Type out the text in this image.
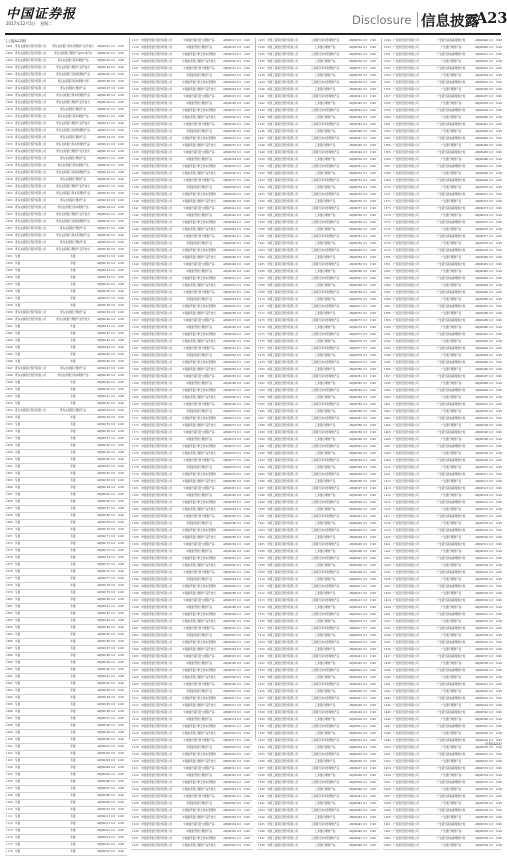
中国证券报
2017年12月5日 星期二	Disclosure 信息披露
A23
(上接A22版)
1001 青岛农商银行股份有限公司	青岛农商银行保本型理财产品开放式	ABJ00101 0.5	0.98
1002 青岛农商银行股份有限公司	青岛农商银行理财产品(FLI系列)	ABJ00102 0.5	0.98
1003 青岛农商银行股份有限公司	青岛农商银行保本理财产品	ABJ00103 0.5	0.98
1004 青岛农商银行股份有限公司	青岛农商银行理财产品开放式	ABJ00104 0.5	0.98
1005 青岛农商银行股份有限公司	青岛农商银行金海棠理财产品	ABJ00105 0.5	0.98
1006 青岛农商银行股份有限公司	青岛农商银行保本理财计划	ABJ00106 0.5	0.98
1007 青岛农商银行股份有限公司	青岛农商银行理财产品	ABJ00107 0.5	0.98
1008 青岛农商银行股份有限公司	青岛农商银行保本型理财产品	ABJ00108 0.5	0.98
1009 青岛农商银行股份有限公司	青岛农商银行理财产品开放式	ABJ00109 0.5	0.98
1010 青岛农商银行股份有限公司	青岛农商银行理财产品	ABJ00110 0.5	0.98
1011 青岛农商银行股份有限公司	青岛农商银行保本理财产品	ABJ00111 0.5	0.98
1012 青岛农商银行股份有限公司	青岛农商银行理财产品开放式	ABJ00112 0.5	0.98
1013 青岛农商银行股份有限公司	青岛农商银行金海棠理财产品	ABJ00113 0.5	0.98
1014 青岛农商银行股份有限公司	青岛农商银行理财产品	ABJ00114 0.5	0.98
1015 青岛农商银行股份有限公司	青岛农商银行保本型理财产品	ABJ00115 0.5	0.98
1016 青岛农商银行股份有限公司	青岛农商银行理财产品开放式	ABJ00116 0.5	0.98
1017 青岛农商银行股份有限公司	青岛农商银行理财产品	ABJ00117 0.5	0.98
1018 青岛农商银行股份有限公司	青岛农商银行保本理财产品	ABJ00118 0.5	0.98
1019 青岛农商银行股份有限公司	青岛农商银行金海棠理财产品	ABJ00119 0.5	0.98
1020 青岛农商银行股份有限公司	青岛农商银行理财产品	ABJ00120 0.5	0.98
1021 青岛农商银行股份有限公司	青岛农商银行理财产品开放式	ABJ00121 0.5	0.98
1022 青岛农商银行股份有限公司	青岛农商银行保本型理财产品	ABJ00122 0.5	0.98
1023 青岛农商银行股份有限公司	青岛农商银行理财产品	ABJ00123 0.5	0.98
1024 青岛农商银行股份有限公司	青岛农商银行保本理财产品	ABJ00124 0.5	0.98
1025 青岛农商银行股份有限公司	青岛农商银行理财产品开放式	ABJ00125 0.5	0.98
1026 青岛农商银行股份有限公司	青岛农商银行金海棠理财产品	ABJ00126 0.5	0.98
1027 青岛农商银行股份有限公司	青岛农商银行理财产品	ABJ00127 0.5	0.98
1028 青岛农商银行股份有限公司	青岛农商银行保本型理财产品	ABJ00128 0.5	0.98
1029 青岛农商银行股份有限公司	青岛农商银行理财产品	ABJ00129 0.5	0.98
1030 青岛农商银行股份有限公司	青岛农商银行理财产品开放式	ABJ00130 0.5	0.98
1031 华夏	华夏	ABJ00131 0.5	0.98
1032 华夏	华夏	ABJ00132 0.5	0.98
1033 华夏	华夏	ABJ00133 0.5	0.98
1034 华夏	华夏	ABJ00134 0.5	0.98
1035 华夏	华夏	ABJ00135 0.5	0.98
1036 华夏	华夏	ABJ00136 0.5	0.98
1037 华夏	华夏	ABJ00137 0.5	0.98
1038 华夏	华夏	ABJ00138 0.5	0.98
1039 青岛农商银行股份有限公司	青岛农商银行理财产品	ABJ00139 0.5	0.98
1040 青岛农商银行股份有限公司	青岛农商银行理财产品开放式	ABJ00140 0.5	0.98
1041 华夏	华夏	ABJ00141 0.5	0.98
1042 华夏	华夏	ABJ00142 0.5	0.98
1043 华夏	华夏	ABJ00143 0.5	0.98
1044 华夏	华夏	ABJ00144 0.5	0.98
1045 华夏	华夏	ABJ00145 0.5	0.98
1046 华夏	华夏	ABJ00146 0.5	0.98
1047 青岛农商银行股份有限公司	青岛农商银行理财产品	ABJ00147 0.5	0.98
1048 青岛农商银行股份有限公司	青岛农商银行保本理财产品	ABJ00148 0.5	0.98
1049 华夏	华夏	ABJ00149 0.5	0.98
1050 华夏	华夏	ABJ00150 0.5	0.98
1051 华夏	华夏	ABJ00151 0.5	0.98
1052 华夏	华夏	ABJ00152 0.5	0.98
1053 青岛农商银行股份有限公司	青岛农商银行理财产品	ABJ00153 0.5	0.98
1054 华夏	华夏	ABJ00154 0.5	0.98
1055 华夏	华夏	ABJ00155 0.5	0.98
1056 华夏	华夏	ABJ00156 0.5	0.98
1057 华夏	华夏	ABJ00157 0.5	0.98
1058 华夏	华夏	ABJ00158 0.5	0.98
1059 华夏	华夏	ABJ00159 0.5	0.98
1060 华夏	华夏	ABJ00160 0.5	0.98
1061 华夏	华夏	ABJ00161 0.5	0.98
1062 华夏	华夏	ABJ00162 0.5	0.98
1063 华夏	华夏	ABJ00163 0.5	0.98
1064 华夏	华夏	ABJ00164 0.5	0.98
1065 华夏	华夏	ABJ00165 0.5	0.98
1066 华夏	华夏	ABJ00166 0.5	0.98
1067 华夏	华夏	ABJ00167 0.5	0.98
1068 华夏	华夏	ABJ00168 0.5	0.98
1069 华夏	华夏	ABJ00169 0.5	0.98
1070 华夏	华夏	ABJ00170 0.5	0.98
1071 华夏	华夏	ABJ00171 0.5	0.98
1072 华夏	华夏	ABJ00172 0.5	0.98
1073 华夏	华夏	ABJ00173 0.5	0.98
1074 华夏	华夏	ABJ00174 0.5	0.98
1075 华夏	华夏	ABJ00175 0.5	0.98
1076 华夏	华夏	ABJ00176 0.5	0.98
1077 华夏	华夏	ABJ00177 0.5	0.98
1078 华夏	华夏	ABJ00178 0.5	0.98
1079 华夏	华夏	ABJ00179 0.5	0.98
1080 华夏	华夏	ABJ00180 0.5	0.98
1081 华夏	华夏	ABJ00181 0.5	0.98
1082 华夏	华夏	ABJ00182 0.5	0.98
1083 华夏	华夏	ABJ00183 0.5	0.98
1084 华夏	华夏	ABJ00184 0.5	0.98
1085 华夏	华夏	ABJ00185 0.5	0.98
1086 华夏	华夏	ABJ00186 0.5	0.98
1087 华夏	华夏	ABJ00187 0.5	0.98
1088 华夏	华夏	ABJ00188 0.5	0.98
1089 华夏	华夏	ABJ00189 0.5	0.98
1090 华夏	华夏	ABJ00190 0.5	0.98
1091 华夏	华夏	ABJ00191 0.5	0.98
1092 华夏	华夏	ABJ00192 0.5	0.98
1093 华夏	华夏	ABJ00193 0.5	0.98
1094 华夏	华夏	ABJ00194 0.5	0.98
1095 华夏	华夏	ABJ00195 0.5	0.98
1096 华夏	华夏	ABJ00196 0.5	0.98
1097 华夏	华夏	ABJ00197 0.5	0.98
1098 华夏	华夏	ABJ00198 0.5	0.98
1099 华夏	华夏	ABJ00199 0.5	0.98
1100 华夏	华夏	ABJ00200 0.5	0.98
1101 华夏	华夏	ABJ00201 0.5	0.98
1102 华夏	华夏	ABJ00202 0.5	0.98
1103 华夏	华夏	ABJ00203 0.5	0.98
1104 华夏	华夏	ABJ00204 0.5	0.98
1105 华夏	华夏	ABJ00205 0.5	0.98
1106 华夏	华夏	ABJ00206 0.5	0.98
1107 华夏	华夏	ABJ00207 0.5	0.98
1108 华夏	华夏	ABJ00208 0.5	0.98
1109 华夏	华夏	ABJ00209 0.5	0.98
1110 华夏	华夏	ABJ00210 0.5	0.98
1111 华夏	华夏	ABJ00211 0.5	0.98
1112 华夏	华夏	ABJ00212 0.5	0.98
1113 华夏	华夏	ABJ00213 0.5	0.98
1114 华夏	华夏	ABJ00214 0.5	0.98
1115 华夏	华夏	ABJ00215 0.5	0.98
1116 华夏	华夏	ABJ00216 0.5	0.98
1117 中国建设银行股份有限公司	中国建设银行乾元理财产品	ABJ00217 0.5	0.98
1118 中国建设银行股份有限公司	中国建设银行理财产品	ABJ00218 0.5	0.98
1119 中国建设银行股份有限公司	中国建设银行乾元保本型理财	ABJ00219 0.5	0.98
1120 中国建设银行股份有限公司	中国建设银行理财产品开放式	ABJ00220 0.5	0.98
1121 中国建设银行股份有限公司	中国建设银行乾元理财产品	ABJ00221 0.5	0.98
1122 中国建设银行股份有限公司	中国建设银行理财产品	ABJ00222 0.5	0.98
1123 中国建设银行股份有限公司	中国建设银行乾元保本型理财	ABJ00223 0.5	0.98
1124 中国建设银行股份有限公司	中国建设银行理财产品开放式	ABJ00224 0.5	0.98
1125 中国建设银行股份有限公司	中国建设银行乾元理财产品	ABJ00225 0.5	0.98
1126 中国建设银行股份有限公司	中国建设银行理财产品	ABJ00226 0.5	0.98
1127 中国建设银行股份有限公司	中国建设银行乾元保本型理财	ABJ00227 0.5	0.98
1128 中国建设银行股份有限公司	中国建设银行理财产品开放式	ABJ00228 0.5	0.98
1129 中国建设银行股份有限公司	中国建设银行乾元理财产品	ABJ00229 0.5	0.98
1130 中国建设银行股份有限公司	中国建设银行理财产品	ABJ00230 0.5	0.98
1131 中国建设银行股份有限公司	中国建设银行乾元保本型理财	ABJ00231 0.5	0.98
1132 中国建设银行股份有限公司	中国建设银行理财产品开放式	ABJ00232 0.5	0.98
1133 中国建设银行股份有限公司	中国建设银行乾元理财产品	ABJ00233 0.5	0.98
1134 中国建设银行股份有限公司	中国建设银行理财产品	ABJ00234 0.5	0.98
1135 中国建设银行股份有限公司	中国建设银行乾元保本型理财	ABJ00235 0.5	0.98
1136 中国建设银行股份有限公司	中国建设银行理财产品开放式	ABJ00236 0.5	0.98
1137 中国建设银行股份有限公司	中国建设银行乾元理财产品	ABJ00237 0.5	0.98
1138 中国建设银行股份有限公司	中国建设银行理财产品	ABJ00238 0.5	0.98
1139 中国建设银行股份有限公司	中国建设银行乾元保本型理财	ABJ00239 0.5	0.98
1140 中国建设银行股份有限公司	中国建设银行理财产品开放式	ABJ00240 0.5	0.98
1141 中国建设银行股份有限公司	中国建设银行乾元理财产品	ABJ00241 0.5	0.98
1142 中国建设银行股份有限公司	中国建设银行理财产品	ABJ00242 0.5	0.98
1143 中国建设银行股份有限公司	中国建设银行乾元保本型理财	ABJ00243 0.5	0.98
1144 中国建设银行股份有限公司	中国建设银行理财产品开放式	ABJ00244 0.5	0.98
1145 中国建设银行股份有限公司	中国建设银行乾元理财产品	ABJ00245 0.5	0.98
1146 中国建设银行股份有限公司	中国建设银行理财产品	ABJ00246 0.5	0.98
1147 中国建设银行股份有限公司	中国建设银行乾元保本型理财	ABJ00247 0.5	0.98
1148 中国建设银行股份有限公司	中国建设银行理财产品开放式	ABJ00248 0.5	0.98
1149 中国建设银行股份有限公司	中国建设银行乾元理财产品	ABJ00249 0.5	0.98
1150 中国建设银行股份有限公司	中国建设银行理财产品	ABJ00250 0.5	0.98
1151 中国建设银行股份有限公司	中国建设银行乾元保本型理财	ABJ00251 0.5	0.98
1152 中国建设银行股份有限公司	中国建设银行理财产品开放式	ABJ00252 0.5	0.98
1153 中国建设银行股份有限公司	中国建设银行乾元理财产品	ABJ00253 0.5	0.98
1154 中国建设银行股份有限公司	中国建设银行理财产品	ABJ00254 0.5	0.98
1155 中国建设银行股份有限公司	中国建设银行乾元保本型理财	ABJ00255 0.5	0.98
1156 中国建设银行股份有限公司	中国建设银行理财产品开放式	ABJ00256 0.5	0.98
1157 中国建设银行股份有限公司	中国建设银行乾元理财产品	ABJ00257 0.5	0.98
1158 中国建设银行股份有限公司	中国建设银行理财产品	ABJ00258 0.5	0.98
1159 中国建设银行股份有限公司	中国建设银行乾元保本型理财	ABJ00259 0.5	0.98
1160 中国建设银行股份有限公司	中国建设银行理财产品开放式	ABJ00260 0.5	0.98
1161 中国建设银行股份有限公司	中国建设银行乾元理财产品	ABJ00261 0.5	0.98
1162 中国建设银行股份有限公司	中国建设银行理财产品	ABJ00262 0.5	0.98
1163 中国建设银行股份有限公司	中国建设银行乾元保本型理财	ABJ00263 0.5	0.98
1164 中国建设银行股份有限公司	中国建设银行理财产品开放式	ABJ00264 0.5	0.98
1165 中国建设银行股份有限公司	中国建设银行乾元理财产品	ABJ00265 0.5	0.98
1166 中国建设银行股份有限公司	中国建设银行理财产品	ABJ00266 0.5	0.98
1167 中国建设银行股份有限公司	中国建设银行乾元保本型理财	ABJ00267 0.5	0.98
1168 中国建设银行股份有限公司	中国建设银行理财产品开放式	ABJ00268 0.5	0.98
1169 中国建设银行股份有限公司	中国建设银行乾元理财产品	ABJ00269 0.5	0.98
1170 中国建设银行股份有限公司	中国建设银行理财产品	ABJ00270 0.5	0.98
1171 中国建设银行股份有限公司	中国建设银行乾元保本型理财	ABJ00271 0.5	0.98
1172 中国建设银行股份有限公司	中国建设银行理财产品开放式	ABJ00272 0.5	0.98
1173 中国建设银行股份有限公司	中国建设银行乾元理财产品	ABJ00273 0.5	0.98
1174 中国建设银行股份有限公司	中国建设银行理财产品	ABJ00274 0.5	0.98
1175 中国建设银行股份有限公司	中国建设银行乾元保本型理财	ABJ00275 0.5	0.98
1176 中国建设银行股份有限公司	中国建设银行理财产品开放式	ABJ00276 0.5	0.98
1177 中国建设银行股份有限公司	中国建设银行乾元理财产品	ABJ00277 0.5	0.98
1178 中国建设银行股份有限公司	中国建设银行理财产品	ABJ00278 0.5	0.98
1179 中国建设银行股份有限公司	中国建设银行乾元保本型理财	ABJ00279 0.5	0.98
1180 中国建设银行股份有限公司	中国建设银行理财产品开放式	ABJ00280 0.5	0.98
1181 中国建设银行股份有限公司	中国建设银行乾元理财产品	ABJ00281 0.5	0.98
1182 中国建设银行股份有限公司	中国建设银行理财产品	ABJ00282 0.5	0.98
1183 中国建设银行股份有限公司	中国建设银行乾元保本型理财	ABJ00283 0.5	0.98
1184 中国建设银行股份有限公司	中国建设银行理财产品开放式	ABJ00284 0.5	0.98
1185 中国建设银行股份有限公司	中国建设银行乾元理财产品	ABJ00285 0.5	0.98
1186 中国建设银行股份有限公司	中国建设银行理财产品	ABJ00286 0.5	0.98
1187 中国建设银行股份有限公司	中国建设银行乾元保本型理财	ABJ00287 0.5	0.98
1188 中国建设银行股份有限公司	中国建设银行理财产品开放式	ABJ00288 0.5	0.98
1189 中国建设银行股份有限公司	中国建设银行乾元理财产品	ABJ00289 0.5	0.98
1190 中国建设银行股份有限公司	中国建设银行理财产品	ABJ00290 0.5	0.98
1191 中国建设银行股份有限公司	中国建设银行乾元保本型理财	ABJ00291 0.5	0.98
1192 中国建设银行股份有限公司	中国建设银行理财产品开放式	ABJ00292 0.5	0.98
1193 中国建设银行股份有限公司	中国建设银行乾元理财产品	ABJ00293 0.5	0.98
1194 中国建设银行股份有限公司	中国建设银行理财产品	ABJ00294 0.5	0.98
1195 中国建设银行股份有限公司	中国建设银行乾元保本型理财	ABJ00295 0.5	0.98
1196 中国建设银行股份有限公司	中国建设银行理财产品开放式	ABJ00296 0.5	0.98
1197 中国建设银行股份有限公司	中国建设银行乾元理财产品	ABJ00297 0.5	0.98
1198 中国建设银行股份有限公司	中国建设银行理财产品	ABJ00298 0.5	0.98
1199 中国建设银行股份有限公司	中国建设银行乾元保本型理财	ABJ00299 0.5	0.98
1200 中国建设银行股份有限公司	中国建设银行理财产品开放式	ABJ00300 0.5	0.98
1201 中国建设银行股份有限公司	中国建设银行乾元理财产品	ABJ00301 0.5	0.98
1202 中国建设银行股份有限公司	中国建设银行理财产品	ABJ00302 0.5	0.98
1203 中国建设银行股份有限公司	中国建设银行乾元保本型理财	ABJ00303 0.5	0.98
1204 中国建设银行股份有限公司	中国建设银行理财产品开放式	ABJ00304 0.5	0.98
1205 中国建设银行股份有限公司	中国建设银行乾元理财产品	ABJ00305 0.5	0.98
1206 中国建设银行股份有限公司	中国建设银行理财产品	ABJ00306 0.5	0.98
1207 中国建设银行股份有限公司	中国建设银行乾元保本型理财	ABJ00307 0.5	0.98
1208 中国建设银行股份有限公司	中国建设银行理财产品开放式	ABJ00308 0.5	0.98
1209 中国建设银行股份有限公司	中国建设银行乾元理财产品	ABJ00309 0.5	0.98
1210 中国建设银行股份有限公司	中国建设银行理财产品	ABJ00310 0.5	0.98
1211 中国建设银行股份有限公司	中国建设银行乾元保本型理财	ABJ00311 0.5	0.98
1212 中国建设银行股份有限公司	中国建设银行理财产品开放式	ABJ00312 0.5	0.98
1213 中国建设银行股份有限公司	中国建设银行乾元理财产品	ABJ00313 0.5	0.98
1214 中国建设银行股份有限公司	中国建设银行理财产品	ABJ00314 0.5	0.98
1215 中国建设银行股份有限公司	中国建设银行乾元保本型理财	ABJ00315 0.5	0.98
1216 中国建设银行股份有限公司	中国建设银行理财产品开放式	ABJ00316 0.5	0.98
1217 中国建设银行股份有限公司	中国建设银行乾元理财产品	ABJ00317 0.5	0.98
1218 中国建设银行股份有限公司	中国建设银行理财产品	ABJ00318 0.5	0.98
1219 中国建设银行股份有限公司	中国建设银行乾元保本型理财	ABJ00319 0.5	0.98
1220 中国建设银行股份有限公司	中国建设银行理财产品开放式	ABJ00320 0.5	0.98
1221 中国建设银行股份有限公司	中国建设银行乾元理财产品	ABJ00321 0.5	0.98
1222 中国建设银行股份有限公司	中国建设银行理财产品	ABJ00322 0.5	0.98
1223 中国建设银行股份有限公司	中国建设银行乾元保本型理财	ABJ00323 0.5	0.98
1224 中国建设银行股份有限公司	中国建设银行理财产品开放式	ABJ00324 0.5	0.98
1225 中国建设银行股份有限公司	中国建设银行乾元理财产品	ABJ00325 0.5	0.98
1226 中国建设银行股份有限公司	中国建设银行理财产品	ABJ00326 0.5	0.98
1227 中国建设银行股份有限公司	中国建设银行乾元保本型理财	ABJ00327 0.5	0.98
1228 中国建设银行股份有限公司	中国建设银行理财产品开放式	ABJ00328 0.5	0.98
1229 中国建设银行股份有限公司	中国建设银行乾元理财产品	ABJ00329 0.5	0.98
1230 中国建设银行股份有限公司	中国建设银行理财产品	ABJ00330 0.5	0.98
1231 中国建设银行股份有限公司	中国建设银行乾元保本型理财	ABJ00331 0.5	0.98
1232 中国建设银行股份有限公司	中国建设银行理财产品开放式	ABJ00332 0.5	0.98
1233 中国工商银行股份有限公司	工商银行保本型理财产品	ABJ00333 0.5	0.98
1234 中国工商银行股份有限公司	工商银行理财产品	ABJ00334 0.5	0.98
1235 中国工商银行股份有限公司	工商银行保本型理财产品	ABJ00335 0.5	0.98
1236 中国工商银行股份有限公司	工商银行理财产品	ABJ00336 0.5	0.98
1237 中国工商银行股份有限公司	工商银行保本型理财产品	ABJ00337 0.5	0.98
1238 中国工商银行股份有限公司	工商银行理财产品	ABJ00338 0.5	0.98
1239 中国工商银行股份有限公司	工商银行保本型理财产品	ABJ00339 0.5	0.98
1240 中国工商银行股份有限公司	工商银行理财产品	ABJ00340 0.5	0.98
1241 中国工商银行股份有限公司	工商银行保本型理财产品	ABJ00341 0.5	0.98
1242 中国工商银行股份有限公司	工商银行理财产品	ABJ00342 0.5	0.98
1243 中国工商银行股份有限公司	工商银行保本型理财产品	ABJ00343 0.5	0.98
1244 中国工商银行股份有限公司	工商银行理财产品	ABJ00344 0.5	0.98
1245 中国工商银行股份有限公司	工商银行保本型理财产品	ABJ00345 0.5	0.98
1246 中国工商银行股份有限公司	工商银行理财产品	ABJ00346 0.5	0.98
1247 中国工商银行股份有限公司	工商银行保本型理财产品	ABJ00347 0.5	0.98
1248 中国工商银行股份有限公司	工商银行理财产品	ABJ00348 0.5	0.98
1249 中国工商银行股份有限公司	工商银行保本型理财产品	ABJ00349 0.5	0.98
1250 中国工商银行股份有限公司	工商银行理财产品	ABJ00350 0.5	0.98
1251 中国工商银行股份有限公司	工商银行保本型理财产品	ABJ00351 0.5	0.98
1252 中国工商银行股份有限公司	工商银行理财产品	ABJ00352 0.5	0.98
1253 中国工商银行股份有限公司	工商银行保本型理财产品	ABJ00353 0.5	0.98
1254 中国工商银行股份有限公司	工商银行理财产品	ABJ00354 0.5	0.98
1255 中国工商银行股份有限公司	工商银行保本型理财产品	ABJ00355 0.5	0.98
1256 中国工商银行股份有限公司	工商银行理财产品	ABJ00356 0.5	0.98
1257 中国工商银行股份有限公司	工商银行保本型理财产品	ABJ00357 0.5	0.98
1258 中国工商银行股份有限公司	工商银行理财产品	ABJ00358 0.5	0.98
1259 中国工商银行股份有限公司	工商银行保本型理财产品	ABJ00359 0.5	0.98
1260 中国工商银行股份有限公司	工商银行理财产品	ABJ00360 0.5	0.98
1261 中国工商银行股份有限公司	工商银行保本型理财产品	ABJ00361 0.5	0.98
1262 中国工商银行股份有限公司	工商银行理财产品	ABJ00362 0.5	0.98
1263 中国工商银行股份有限公司	工商银行保本型理财产品	ABJ00363 0.5	0.98
1264 中国工商银行股份有限公司	工商银行理财产品	ABJ00364 0.5	0.98
1265 中国工商银行股份有限公司	工商银行保本型理财产品	ABJ00365 0.5	0.98
1266 中国工商银行股份有限公司	工商银行理财产品	ABJ00366 0.5	0.98
1267 中国工商银行股份有限公司	工商银行保本型理财产品	ABJ00367 0.5	0.98
1268 中国工商银行股份有限公司	工商银行理财产品	ABJ00368 0.5	0.98
1269 中国工商银行股份有限公司	工商银行保本型理财产品	ABJ00369 0.5	0.98
1270 中国工商银行股份有限公司	工商银行理财产品	ABJ00370 0.5	0.98
1271 中国工商银行股份有限公司	工商银行保本型理财产品	ABJ00371 0.5	0.98
1272 中国工商银行股份有限公司	工商银行理财产品	ABJ00372 0.5	0.98
1273 中国工商银行股份有限公司	工商银行保本型理财产品	ABJ00373 0.5	0.98
1274 中国工商银行股份有限公司	工商银行理财产品	ABJ00374 0.5	0.98
1275 中国工商银行股份有限公司	工商银行保本型理财产品	ABJ00375 0.5	0.98
1276 中国工商银行股份有限公司	工商银行理财产品	ABJ00376 0.5	0.98
1277 中国工商银行股份有限公司	工商银行保本型理财产品	ABJ00377 0.5	0.98
1278 中国工商银行股份有限公司	工商银行理财产品	ABJ00378 0.5	0.98
1279 中国工商银行股份有限公司	工商银行保本型理财产品	ABJ00379 0.5	0.98
1280 中国工商银行股份有限公司	工商银行理财产品	ABJ00380 0.5	0.98
1281 中国工商银行股份有限公司	工商银行保本型理财产品	ABJ00381 0.5	0.98
1282 中国工商银行股份有限公司	工商银行理财产品	ABJ00382 0.5	0.98
1283 中国工商银行股份有限公司	工商银行保本型理财产品	ABJ00383 0.5	0.98
1284 中国工商银行股份有限公司	工商银行理财产品	ABJ00384 0.5	0.98
1285 中国工商银行股份有限公司	工商银行保本型理财产品	ABJ00385 0.5	0.98
1286 中国工商银行股份有限公司	工商银行理财产品	ABJ00386 0.5	0.98
1287 中国工商银行股份有限公司	工商银行保本型理财产品	ABJ00387 0.5	0.98
1288 中国工商银行股份有限公司	工商银行理财产品	ABJ00388 0.5	0.98
1289 中国工商银行股份有限公司	工商银行保本型理财产品	ABJ00389 0.5	0.98
1290 中国工商银行股份有限公司	工商银行理财产品	ABJ00390 0.5	0.98
1291 中国工商银行股份有限公司	工商银行保本型理财产品	ABJ00391 0.5	0.98
1292 中国工商银行股份有限公司	工商银行理财产品	ABJ00392 0.5	0.98
1293 中国工商银行股份有限公司	工商银行保本型理财产品	ABJ00393 0.5	0.98
1294 中国工商银行股份有限公司	工商银行理财产品	ABJ00394 0.5	0.98
1295 中国工商银行股份有限公司	工商银行保本型理财产品	ABJ00395 0.5	0.98
1296 中国工商银行股份有限公司	工商银行理财产品	ABJ00396 0.5	0.98
1297 中国工商银行股份有限公司	工商银行保本型理财产品	ABJ00397 0.5	0.98
1298 中国工商银行股份有限公司	工商银行理财产品	ABJ00398 0.5	0.98
1299 中国工商银行股份有限公司	工商银行保本型理财产品	ABJ00399 0.5	0.98
1300 中国工商银行股份有限公司	工商银行理财产品	ABJ00400 0.5	0.98
1301 中国工商银行股份有限公司	工商银行保本型理财产品	ABJ00401 0.5	0.98
1302 中国工商银行股份有限公司	工商银行理财产品	ABJ00402 0.5	0.98
1303 中国工商银行股份有限公司	工商银行保本型理财产品	ABJ00403 0.5	0.98
1304 中国工商银行股份有限公司	工商银行理财产品	ABJ00404 0.5	0.98
1305 中国工商银行股份有限公司	工商银行保本型理财产品	ABJ00405 0.5	0.98
1306 中国工商银行股份有限公司	工商银行理财产品	ABJ00406 0.5	0.98
1307 中国工商银行股份有限公司	工商银行保本型理财产品	ABJ00407 0.5	0.98
1308 中国工商银行股份有限公司	工商银行理财产品	ABJ00408 0.5	0.98
1309 中国工商银行股份有限公司	工商银行保本型理财产品	ABJ00409 0.5	0.98
1310 中国工商银行股份有限公司	工商银行理财产品	ABJ00410 0.5	0.98
1311 中国工商银行股份有限公司	工商银行保本型理财产品	ABJ00411 0.5	0.98
1312 中国工商银行股份有限公司	工商银行理财产品	ABJ00412 0.5	0.98
1313 中国工商银行股份有限公司	工商银行保本型理财产品	ABJ00413 0.5	0.98
1314 中国工商银行股份有限公司	工商银行理财产品	ABJ00414 0.5	0.98
1315 中国工商银行股份有限公司	工商银行保本型理财产品	ABJ00415 0.5	0.98
1316 中国工商银行股份有限公司	工商银行理财产品	ABJ00416 0.5	0.98
1317 中国工商银行股份有限公司	工商银行保本型理财产品	ABJ00417 0.5	0.98
1318 中国工商银行股份有限公司	工商银行理财产品	ABJ00418 0.5	0.98
1319 中国工商银行股份有限公司	工商银行保本型理财产品	ABJ00419 0.5	0.98
1320 中国工商银行股份有限公司	工商银行理财产品	ABJ00420 0.5	0.98
1321 中国工商银行股份有限公司	工商银行保本型理财产品	ABJ00421 0.5	0.98
1322 中国工商银行股份有限公司	工商银行理财产品	ABJ00422 0.5	0.98
1323 中国工商银行股份有限公司	工商银行保本型理财产品	ABJ00423 0.5	0.98
1324 中国工商银行股份有限公司	工商银行理财产品	ABJ00424 0.5	0.98
1325 中国工商银行股份有限公司	工商银行保本型理财产品	ABJ00425 0.5	0.98
1326 中国工商银行股份有限公司	工商银行理财产品	ABJ00426 0.5	0.98
1327 中国工商银行股份有限公司	工商银行保本型理财产品	ABJ00427 0.5	0.98
1328 中国工商银行股份有限公司	工商银行理财产品	ABJ00428 0.5	0.98
1329 中国工商银行股份有限公司	工商银行保本型理财产品	ABJ00429 0.5	0.98
1330 中国工商银行股份有限公司	工商银行理财产品	ABJ00430 0.5	0.98
1331 中国工商银行股份有限公司	工商银行保本型理财产品	ABJ00431 0.5	0.98
1332 中国工商银行股份有限公司	工商银行理财产品	ABJ00432 0.5	0.98
1333 中国工商银行股份有限公司	工商银行保本型理财产品	ABJ00433 0.5	0.98
1334 中国工商银行股份有限公司	工商银行理财产品	ABJ00434 0.5	0.98
1335 中国工商银行股份有限公司	工商银行保本型理财产品	ABJ00435 0.5	0.98
1336 中国工商银行股份有限公司	工商银行理财产品	ABJ00436 0.5	0.98
1337 中国工商银行股份有限公司	工商银行保本型理财产品	ABJ00437 0.5	0.98
1338 中国工商银行股份有限公司	工商银行理财产品	ABJ00438 0.5	0.98
1339 中国工商银行股份有限公司	工商银行保本型理财产品	ABJ00439 0.5	0.98
1340 中国工商银行股份有限公司	工商银行理财产品	ABJ00440 0.5	0.98
1341 中国工商银行股份有限公司	工商银行保本型理财产品	ABJ00441 0.5	0.98
1342 中国工商银行股份有限公司	工商银行理财产品	ABJ00442 0.5	0.98
1343 中国工商银行股份有限公司	工商银行保本型理财产品	ABJ00443 0.5	0.98
1344 中国工商银行股份有限公司	工商银行理财产品	ABJ00444 0.5	0.98
1345 中国工商银行股份有限公司	工商银行保本型理财产品	ABJ00445 0.5	0.98
1346 中国工商银行股份有限公司	工商银行理财产品	ABJ00446 0.5	0.98
1347 中国工商银行股份有限公司	工商银行保本型理财产品	ABJ00447 0.5	0.98
1348 中国工商银行股份有限公司	工商银行理财产品	ABJ00448 0.5	0.98
1349 广发银行股份有限公司	广发银行薪加薪理财计划	ABJ00449 0.5	0.98
1350 广发银行股份有限公司	广发银行理财产品	ABJ00450 0.5	0.98
1351 广发银行股份有限公司	广发银行薪加薪理财计划	ABJ00451 0.5	0.98
1352 广发银行股份有限公司	广发银行理财产品	ABJ00452 0.5	0.98
1353 广发银行股份有限公司	广发银行薪加薪理财计划	ABJ00453 0.5	0.98
1354 广发银行股份有限公司	广发银行理财产品	ABJ00454 0.5	0.98
1355 广发银行股份有限公司	广发银行薪加薪理财计划	ABJ00455 0.5	0.98
1356 广发银行股份有限公司	广发银行理财产品	ABJ00456 0.5	0.98
1357 广发银行股份有限公司	广发银行薪加薪理财计划	ABJ00457 0.5	0.98
1358 广发银行股份有限公司	广发银行理财产品	ABJ00458 0.5	0.98
1359 广发银行股份有限公司	广发银行薪加薪理财计划	ABJ00459 0.5	0.98
1360 广发银行股份有限公司	广发银行理财产品	ABJ00460 0.5	0.98
1361 广发银行股份有限公司	广发银行薪加薪理财计划	ABJ00461 0.5	0.98
1362 广发银行股份有限公司	广发银行理财产品	ABJ00462 0.5	0.98
1363 广发银行股份有限公司	广发银行薪加薪理财计划	ABJ00463 0.5	0.98
1364 广发银行股份有限公司	广发银行理财产品	ABJ00464 0.5	0.98
1365 广发银行股份有限公司	广发银行薪加薪理财计划	ABJ00465 0.5	0.98
1366 广发银行股份有限公司	广发银行理财产品	ABJ00466 0.5	0.98
1367 广发银行股份有限公司	广发银行薪加薪理财计划	ABJ00467 0.5	0.98
1368 广发银行股份有限公司	广发银行理财产品	ABJ00468 0.5	0.98
1369 广发银行股份有限公司	广发银行薪加薪理财计划	ABJ00469 0.5	0.98
1370 广发银行股份有限公司	广发银行理财产品	ABJ00470 0.5	0.98
1371 广发银行股份有限公司	广发银行薪加薪理财计划	ABJ00471 0.5	0.98
1372 广发银行股份有限公司	广发银行理财产品	ABJ00472 0.5	0.98
1373 广发银行股份有限公司	广发银行薪加薪理财计划	ABJ00473 0.5	0.98
1374 广发银行股份有限公司	广发银行理财产品	ABJ00474 0.5	0.98
1375 广发银行股份有限公司	广发银行薪加薪理财计划	ABJ00475 0.5	0.98
1376 广发银行股份有限公司	广发银行理财产品	ABJ00476 0.5	0.98
1377 广发银行股份有限公司	广发银行薪加薪理财计划	ABJ00477 0.5	0.98
1378 广发银行股份有限公司	广发银行理财产品	ABJ00478 0.5	0.98
1379 广发银行股份有限公司	广发银行薪加薪理财计划	ABJ00479 0.5	0.98
1380 广发银行股份有限公司	广发银行理财产品	ABJ00480 0.5	0.98
1381 广发银行股份有限公司	广发银行薪加薪理财计划	ABJ00481 0.5	0.98
1382 广发银行股份有限公司	广发银行理财产品	ABJ00482 0.5	0.98
1383 广发银行股份有限公司	广发银行薪加薪理财计划	ABJ00483 0.5	0.98
1384 广发银行股份有限公司	广发银行理财产品	ABJ00484 0.5	0.98
1385 广发银行股份有限公司	广发银行薪加薪理财计划	ABJ00485 0.5	0.98
1386 广发银行股份有限公司	广发银行理财产品	ABJ00486 0.5	0.98
1387 广发银行股份有限公司	广发银行薪加薪理财计划	ABJ00487 0.5	0.98
1388 广发银行股份有限公司	广发银行理财产品	ABJ00488 0.5	0.98
1389 广发银行股份有限公司	广发银行薪加薪理财计划	ABJ00489 0.5	0.98
1390 广发银行股份有限公司	广发银行理财产品	ABJ00490 0.5	0.98
1391 广发银行股份有限公司	广发银行薪加薪理财计划	ABJ00491 0.5	0.98
1392 广发银行股份有限公司	广发银行理财产品	ABJ00492 0.5	0.98
1393 广发银行股份有限公司	广发银行薪加薪理财计划	ABJ00493 0.5	0.98
1394 广发银行股份有限公司	广发银行理财产品	ABJ00494 0.5	0.98
1395 广发银行股份有限公司	广发银行薪加薪理财计划	ABJ00495 0.5	0.98
1396 广发银行股份有限公司	广发银行理财产品	ABJ00496 0.5	0.98
1397 广发银行股份有限公司	广发银行薪加薪理财计划	ABJ00497 0.5	0.98
1398 广发银行股份有限公司	广发银行理财产品	ABJ00498 0.5	0.98
1399 广发银行股份有限公司	广发银行薪加薪理财计划	ABJ00499 0.5	0.98
1400 广发银行股份有限公司	广发银行理财产品	ABJ00500 0.5	0.98
1401 广发银行股份有限公司	广发银行薪加薪理财计划	ABJ00501 0.5	0.98
1402 广发银行股份有限公司	广发银行理财产品	ABJ00502 0.5	0.98
1403 广发银行股份有限公司	广发银行薪加薪理财计划	ABJ00503 0.5	0.98
1404 广发银行股份有限公司	广发银行理财产品	ABJ00504 0.5	0.98
1405 广发银行股份有限公司	广发银行薪加薪理财计划	ABJ00505 0.5	0.98
1406 广发银行股份有限公司	广发银行理财产品	ABJ00506 0.5	0.98
1407 广发银行股份有限公司	广发银行薪加薪理财计划	ABJ00507 0.5	0.98
1408 广发银行股份有限公司	广发银行理财产品	ABJ00508 0.5	0.98
1409 广发银行股份有限公司	广发银行薪加薪理财计划	ABJ00509 0.5	0.98
1410 广发银行股份有限公司	广发银行理财产品	ABJ00510 0.5	0.98
1411 广发银行股份有限公司	广发银行薪加薪理财计划	ABJ00511 0.5	0.98
1412 广发银行股份有限公司	广发银行理财产品	ABJ00512 0.5	0.98
1413 广发银行股份有限公司	广发银行薪加薪理财计划	ABJ00513 0.5	0.98
1414 广发银行股份有限公司	广发银行理财产品	ABJ00514 0.5	0.98
1415 广发银行股份有限公司	广发银行薪加薪理财计划	ABJ00515 0.5	0.98
1416 广发银行股份有限公司	广发银行理财产品	ABJ00516 0.5	0.98
1417 广发银行股份有限公司	广发银行薪加薪理财计划	ABJ00517 0.5	0.98
1418 广发银行股份有限公司	广发银行理财产品	ABJ00518 0.5	0.98
1419 广发银行股份有限公司	广发银行薪加薪理财计划	ABJ00519 0.5	0.98
1420 广发银行股份有限公司	广发银行理财产品	ABJ00520 0.5	0.98
1421 广发银行股份有限公司	广发银行薪加薪理财计划	ABJ00521 0.5	0.98
1422 广发银行股份有限公司	广发银行理财产品	ABJ00522 0.5	0.98
1423 广发银行股份有限公司	广发银行薪加薪理财计划	ABJ00523 0.5	0.98
1424 广发银行股份有限公司	广发银行理财产品	ABJ00524 0.5	0.98
1425 广发银行股份有限公司	广发银行薪加薪理财计划	ABJ00525 0.5	0.98
1426 广发银行股份有限公司	广发银行理财产品	ABJ00526 0.5	0.98
1427 广发银行股份有限公司	广发银行薪加薪理财计划	ABJ00527 0.5	0.98
1428 广发银行股份有限公司	广发银行理财产品	ABJ00528 0.5	0.98
1429 广发银行股份有限公司	广发银行薪加薪理财计划	ABJ00529 0.5	0.98
1430 广发银行股份有限公司	广发银行理财产品	ABJ00530 0.5	0.98
1431 广发银行股份有限公司	广发银行薪加薪理财计划	ABJ00531 0.5	0.98
1432 广发银行股份有限公司	广发银行理财产品	ABJ00532 0.5	0.98
1433 广发银行股份有限公司	广发银行薪加薪理财计划	ABJ00533 0.5	0.98
1434 广发银行股份有限公司	广发银行理财产品	ABJ00534 0.5	0.98
1435 广发银行股份有限公司	广发银行薪加薪理财计划	ABJ00535 0.5	0.98
1436 广发银行股份有限公司	广发银行理财产品	ABJ00536 0.5	0.98
1437 广发银行股份有限公司	广发银行薪加薪理财计划	ABJ00537 0.5	0.98
1438 广发银行股份有限公司	广发银行理财产品	ABJ00538 0.5	0.98
1439 广发银行股份有限公司	广发银行薪加薪理财计划	ABJ00539 0.5	0.98
1440 广发银行股份有限公司	广发银行理财产品	ABJ00540 0.5	0.98
1441 广发银行股份有限公司	广发银行薪加薪理财计划	ABJ00541 0.5	0.98
1442 广发银行股份有限公司	广发银行理财产品	ABJ00542 0.5	0.98
1443 广发银行股份有限公司	广发银行薪加薪理财计划	ABJ00543 0.5	0.98
1444 广发银行股份有限公司	广发银行理财产品	ABJ00544 0.5	0.98
1445 广发银行股份有限公司	广发银行薪加薪理财计划	ABJ00545 0.5	0.98
1446 广发银行股份有限公司	广发银行理财产品	ABJ00546 0.5	0.98
1447 广发银行股份有限公司	广发银行薪加薪理财计划	ABJ00547 0.5	0.98
1448 广发银行股份有限公司	广发银行理财产品	ABJ00548 0.5	0.98
1449 广发银行股份有限公司	广发银行薪加薪理财计划	ABJ00549 0.5	0.98
1450 广发银行股份有限公司	广发银行理财产品	ABJ00550 0.5	0.98
1451 广发银行股份有限公司	广发银行薪加薪理财计划	ABJ00551 0.5	0.98
1452 广发银行股份有限公司	广发银行理财产品	ABJ00552 0.5	0.98
1453 广发银行股份有限公司	广发银行薪加薪理财计划	ABJ00553 0.5	0.98
1454 广发银行股份有限公司	广发银行理财产品	ABJ00554 0.5	0.98
1455 广发银行股份有限公司	广发银行薪加薪理财计划	ABJ00555 0.5	0.98
1456 广发银行股份有限公司	广发银行理财产品	ABJ00556 0.5	0.98
1457 广发银行股份有限公司	广发银行薪加薪理财计划	ABJ00557 0.5	0.98
1458 广发银行股份有限公司	广发银行理财产品	ABJ00558 0.5	0.98
1459 广发银行股份有限公司	广发银行薪加薪理财计划	ABJ00559 0.5	0.98
1460 广发银行股份有限公司	广发银行理财产品	ABJ00560 0.5	0.98
1461 广发银行股份有限公司	广发银行薪加薪理财计划	ABJ00561 0.5	0.98
1462 广发银行股份有限公司	广发银行理财产品	ABJ00562 0.5	0.98
1463 广发银行股份有限公司	广发银行薪加薪理财计划	ABJ00563 0.5	0.98
1464 广发银行股份有限公司	广发银行理财产品	ABJ00564 0.5	0.98
平均(A53)
